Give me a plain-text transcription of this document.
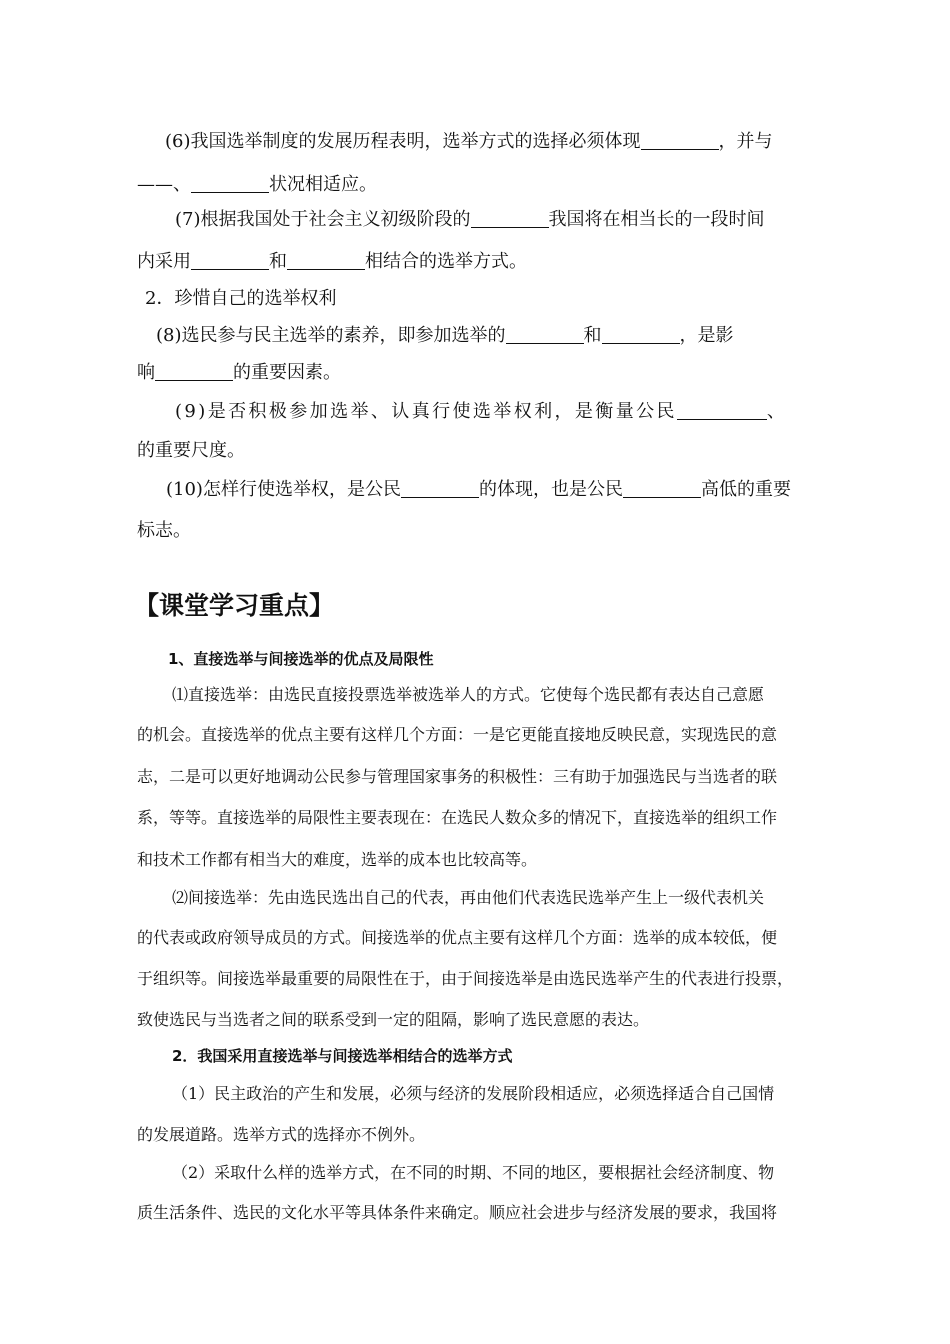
(6)我国选举制度的发展历程表明，选举方式的选择必须体现	，并与
——、	状况相适应。
(7)根据我国处于社会主义初级阶段的	我国将在相当长的一段时间
内采用	和	相结合的选举方式。
2．珍惜自己的选举权利
(8)选民参与民主选举的素养，即参加选举的	和	，是影
响	的重要因素。
(9)是否积极参加选举、认真行使选举权利，是衡量公民	、
的重要尺度。
(10)怎样行使选举权，是公民	的体现，也是公民	高低的重要
标志。
【课堂学习重点】
1、直接选举与间接选举的优点及局限性
⑴直接选举：由选民直接投票选举被选举人的方式。它使每个选民都有表达自己意愿
的机会。直接选举的优点主要有这样几个方面：一是它更能直接地反映民意，实现选民的意
志，二是可以更好地调动公民参与管理国家事务的积极性：三有助于加强选民与当选者的联
系，等等。直接选举的局限性主要表现在：在选民人数众多的情况下，直接选举的组织工作
和技术工作都有相当大的难度，选举的成本也比较高等。
⑵间接选举：先由选民选出自己的代表，再由他们代表选民选举产生上一级代表机关
的代表或政府领导成员的方式。间接选举的优点主要有这样几个方面：选举的成本较低，便
于组织等。间接选举最重要的局限性在于，由于间接选举是由选民选举产生的代表进行投票，
致使选民与当选者之间的联系受到一定的阻隔，影响了选民意愿的表达。
2．我国采用直接选举与间接选举相结合的选举方式
（1）民主政治的产生和发展，必须与经济的发展阶段相适应，必须选择适合自己国情
的发展道路。选举方式的选择亦不例外。
（2）采取什么样的选举方式，在不同的时期、不同的地区，要根据社会经济制度、物
质生活条件、选民的文化水平等具体条件来确定。顺应社会进步与经济发展的要求，我国将
